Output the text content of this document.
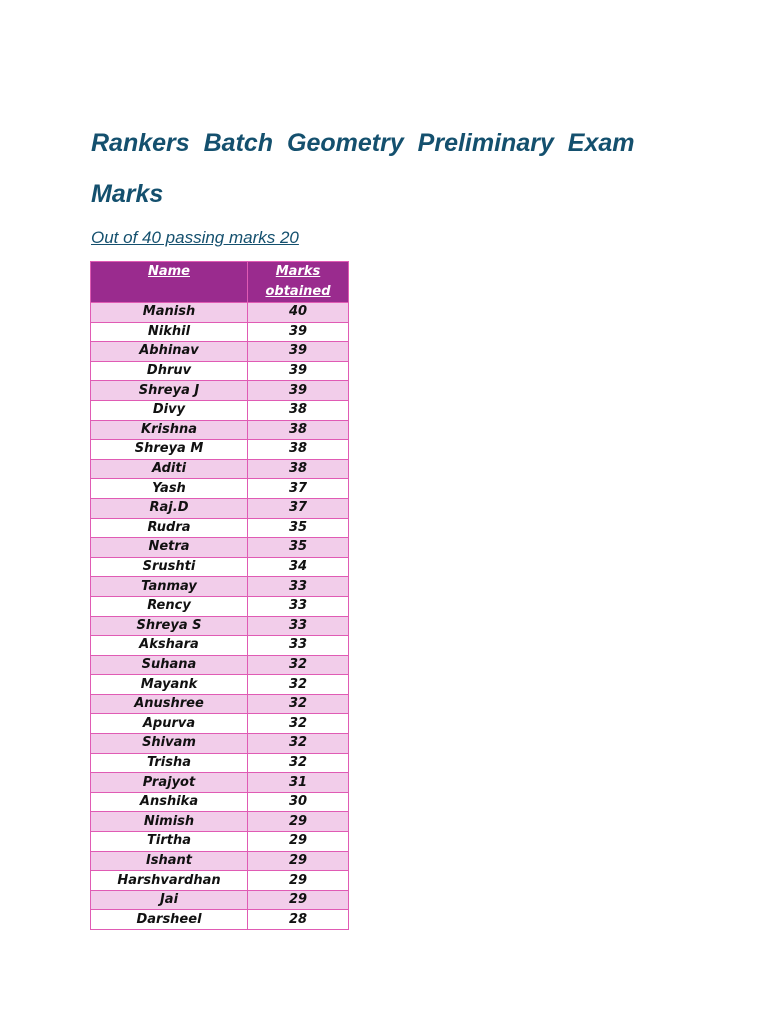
Rankers Batch Geometry Preliminary Exam Marks

Out of 40 passing marks 20

Name	Marks obtained
Manish	40
Nikhil	39
Abhinav	39
Dhruv	39
Shreya J	39
Divy	38
Krishna	38
Shreya M	38
Aditi	38
Yash	37
Raj.D	37
Rudra	35
Netra	35
Srushti	34
Tanmay	33
Rency	33
Shreya S	33
Akshara	33
Suhana	32
Mayank	32
Anushree	32
Apurva	32
Shivam	32
Trisha	32
Prajyot	31
Anshika	30
Nimish	29
Tirtha	29
Ishant	29
Harshvardhan	29
Jai	29
Darsheel	28
